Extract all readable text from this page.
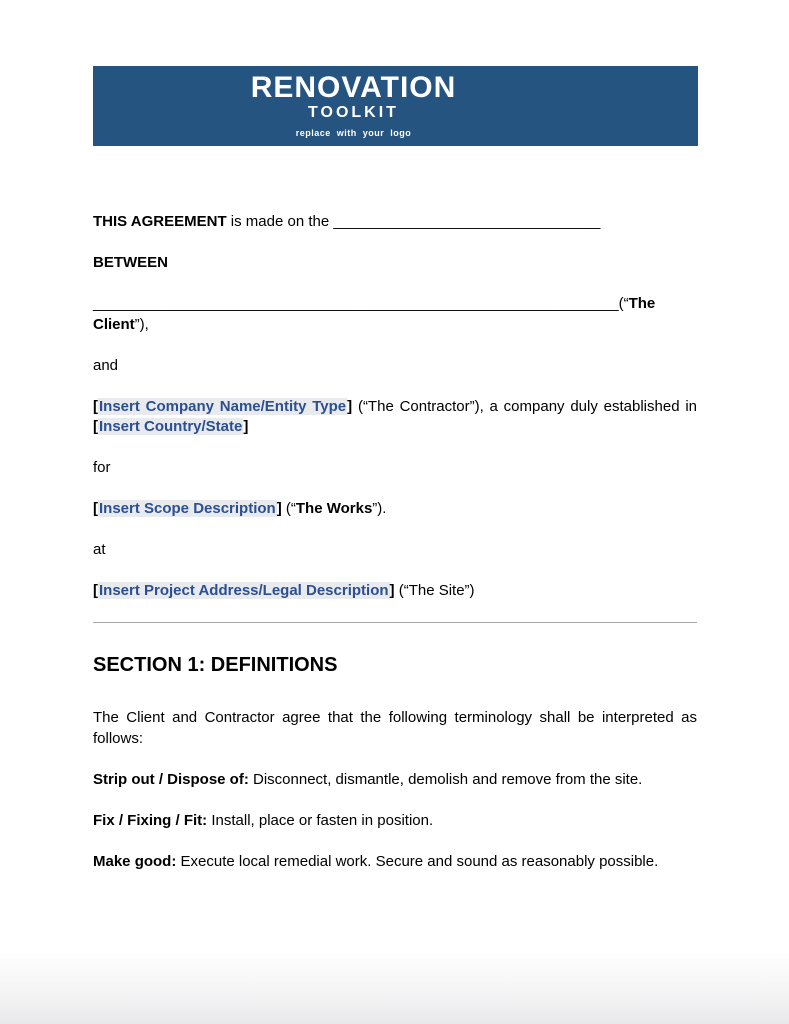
RENOVATION
TOOLKIT
replace with your logo

THIS AGREEMENT is made on the ________________________________

BETWEEN

_______________________________________________________________(“The
Client”),

and

[Insert Company Name/Entity Type] (“The Contractor”), a company duly established in
[Insert Country/State]

for

[Insert Scope Description] (“The Works”).

at

[Insert Project Address/Legal Description] (“The Site”)

SECTION 1: DEFINITIONS

The Client and Contractor agree that the following terminology shall be interpreted as
follows:

Strip out / Dispose of: Disconnect, dismantle, demolish and remove from the site.

Fix / Fixing / Fit: Install, place or fasten in position.

Make good: Execute local remedial work. Secure and sound as reasonably possible.
